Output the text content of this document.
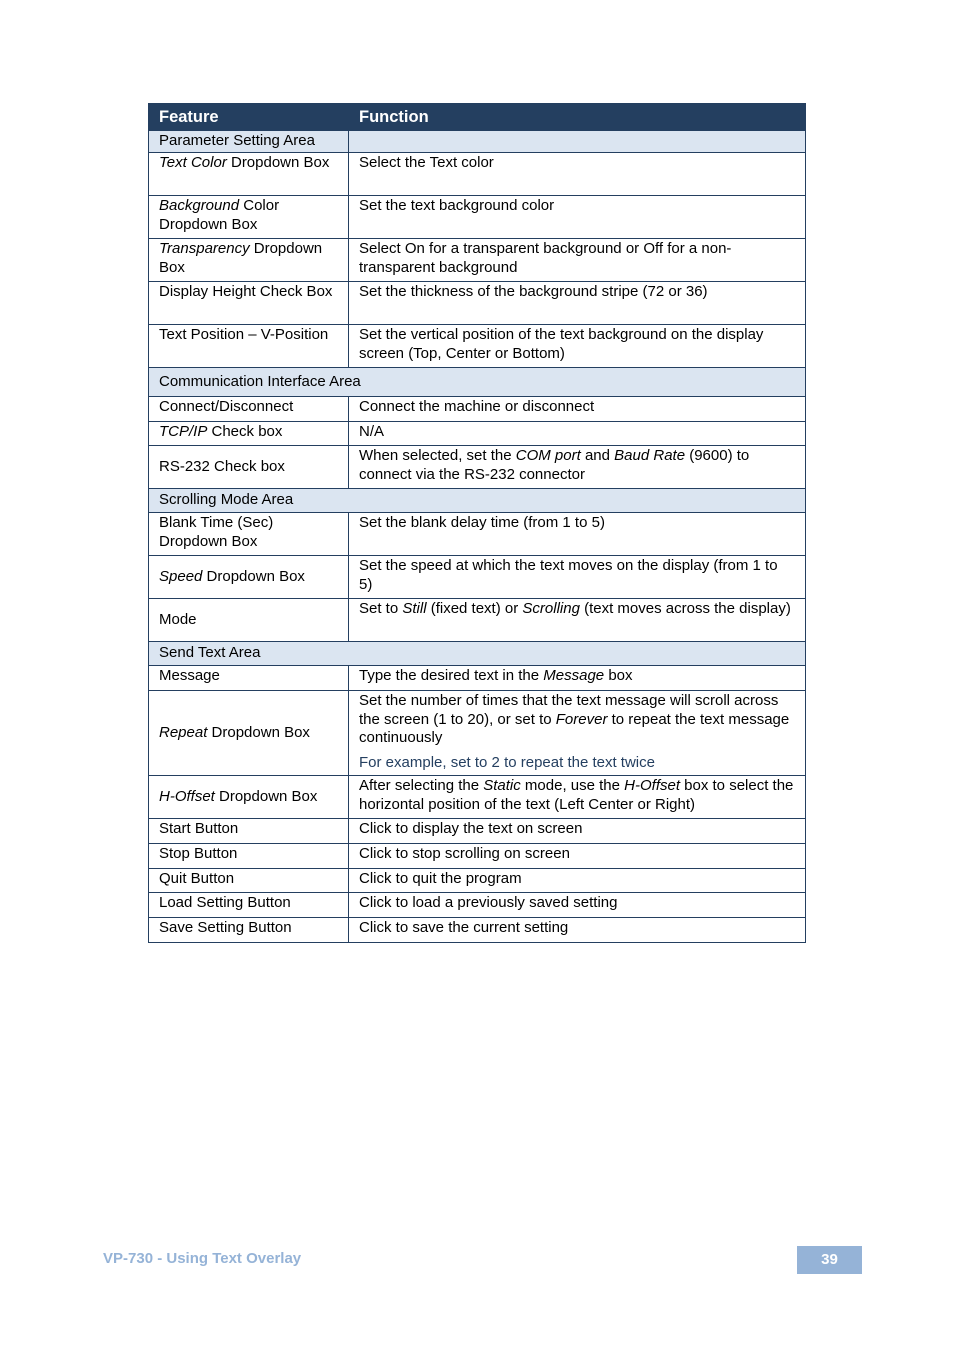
Feature	Function
Parameter Setting Area	
Text Color Dropdown Box	Select the Text color
Background Color Dropdown Box	Set the text background color
Transparency Dropdown Box	Select On for a transparent background or Off for a non-transparent background
Display Height Check Box	Set the thickness of the background stripe (72 or 36)
Text Position – V-Position	Set the vertical position of the text background on the display screen (Top, Center or Bottom)
Communication Interface Area	
Connect/Disconnect	Connect the machine or disconnect
TCP/IP Check box	N/A
RS-232 Check box	When selected, set the COM port and Baud Rate (9600) to connect via the RS-232 connector
Scrolling Mode Area	
Blank Time (Sec) Dropdown Box	Set the blank delay time (from 1 to 5)
Speed Dropdown Box	Set the speed at which the text moves on the display (from 1 to 5)
Mode	Set to Still (fixed text) or Scrolling (text moves across the display)
Send Text Area	
Message	Type the desired text in the Message box
Repeat Dropdown Box	Set the number of times that the text message will scroll across the screen (1 to 20), or set to Forever to repeat the text message continuously
For example, set to 2 to repeat the text twice

H-Offset Dropdown Box	After selecting the Static mode, use the H-Offset box to select the horizontal position of the text (Left Center or Right)
Start Button	Click to display the text on screen
Stop Button	Click to stop scrolling on screen
Quit Button	Click to quit the program
Load Setting Button	Click to load a previously saved setting
Save Setting Button	Click to save the current setting
VP-730 - Using Text Overlay	39
